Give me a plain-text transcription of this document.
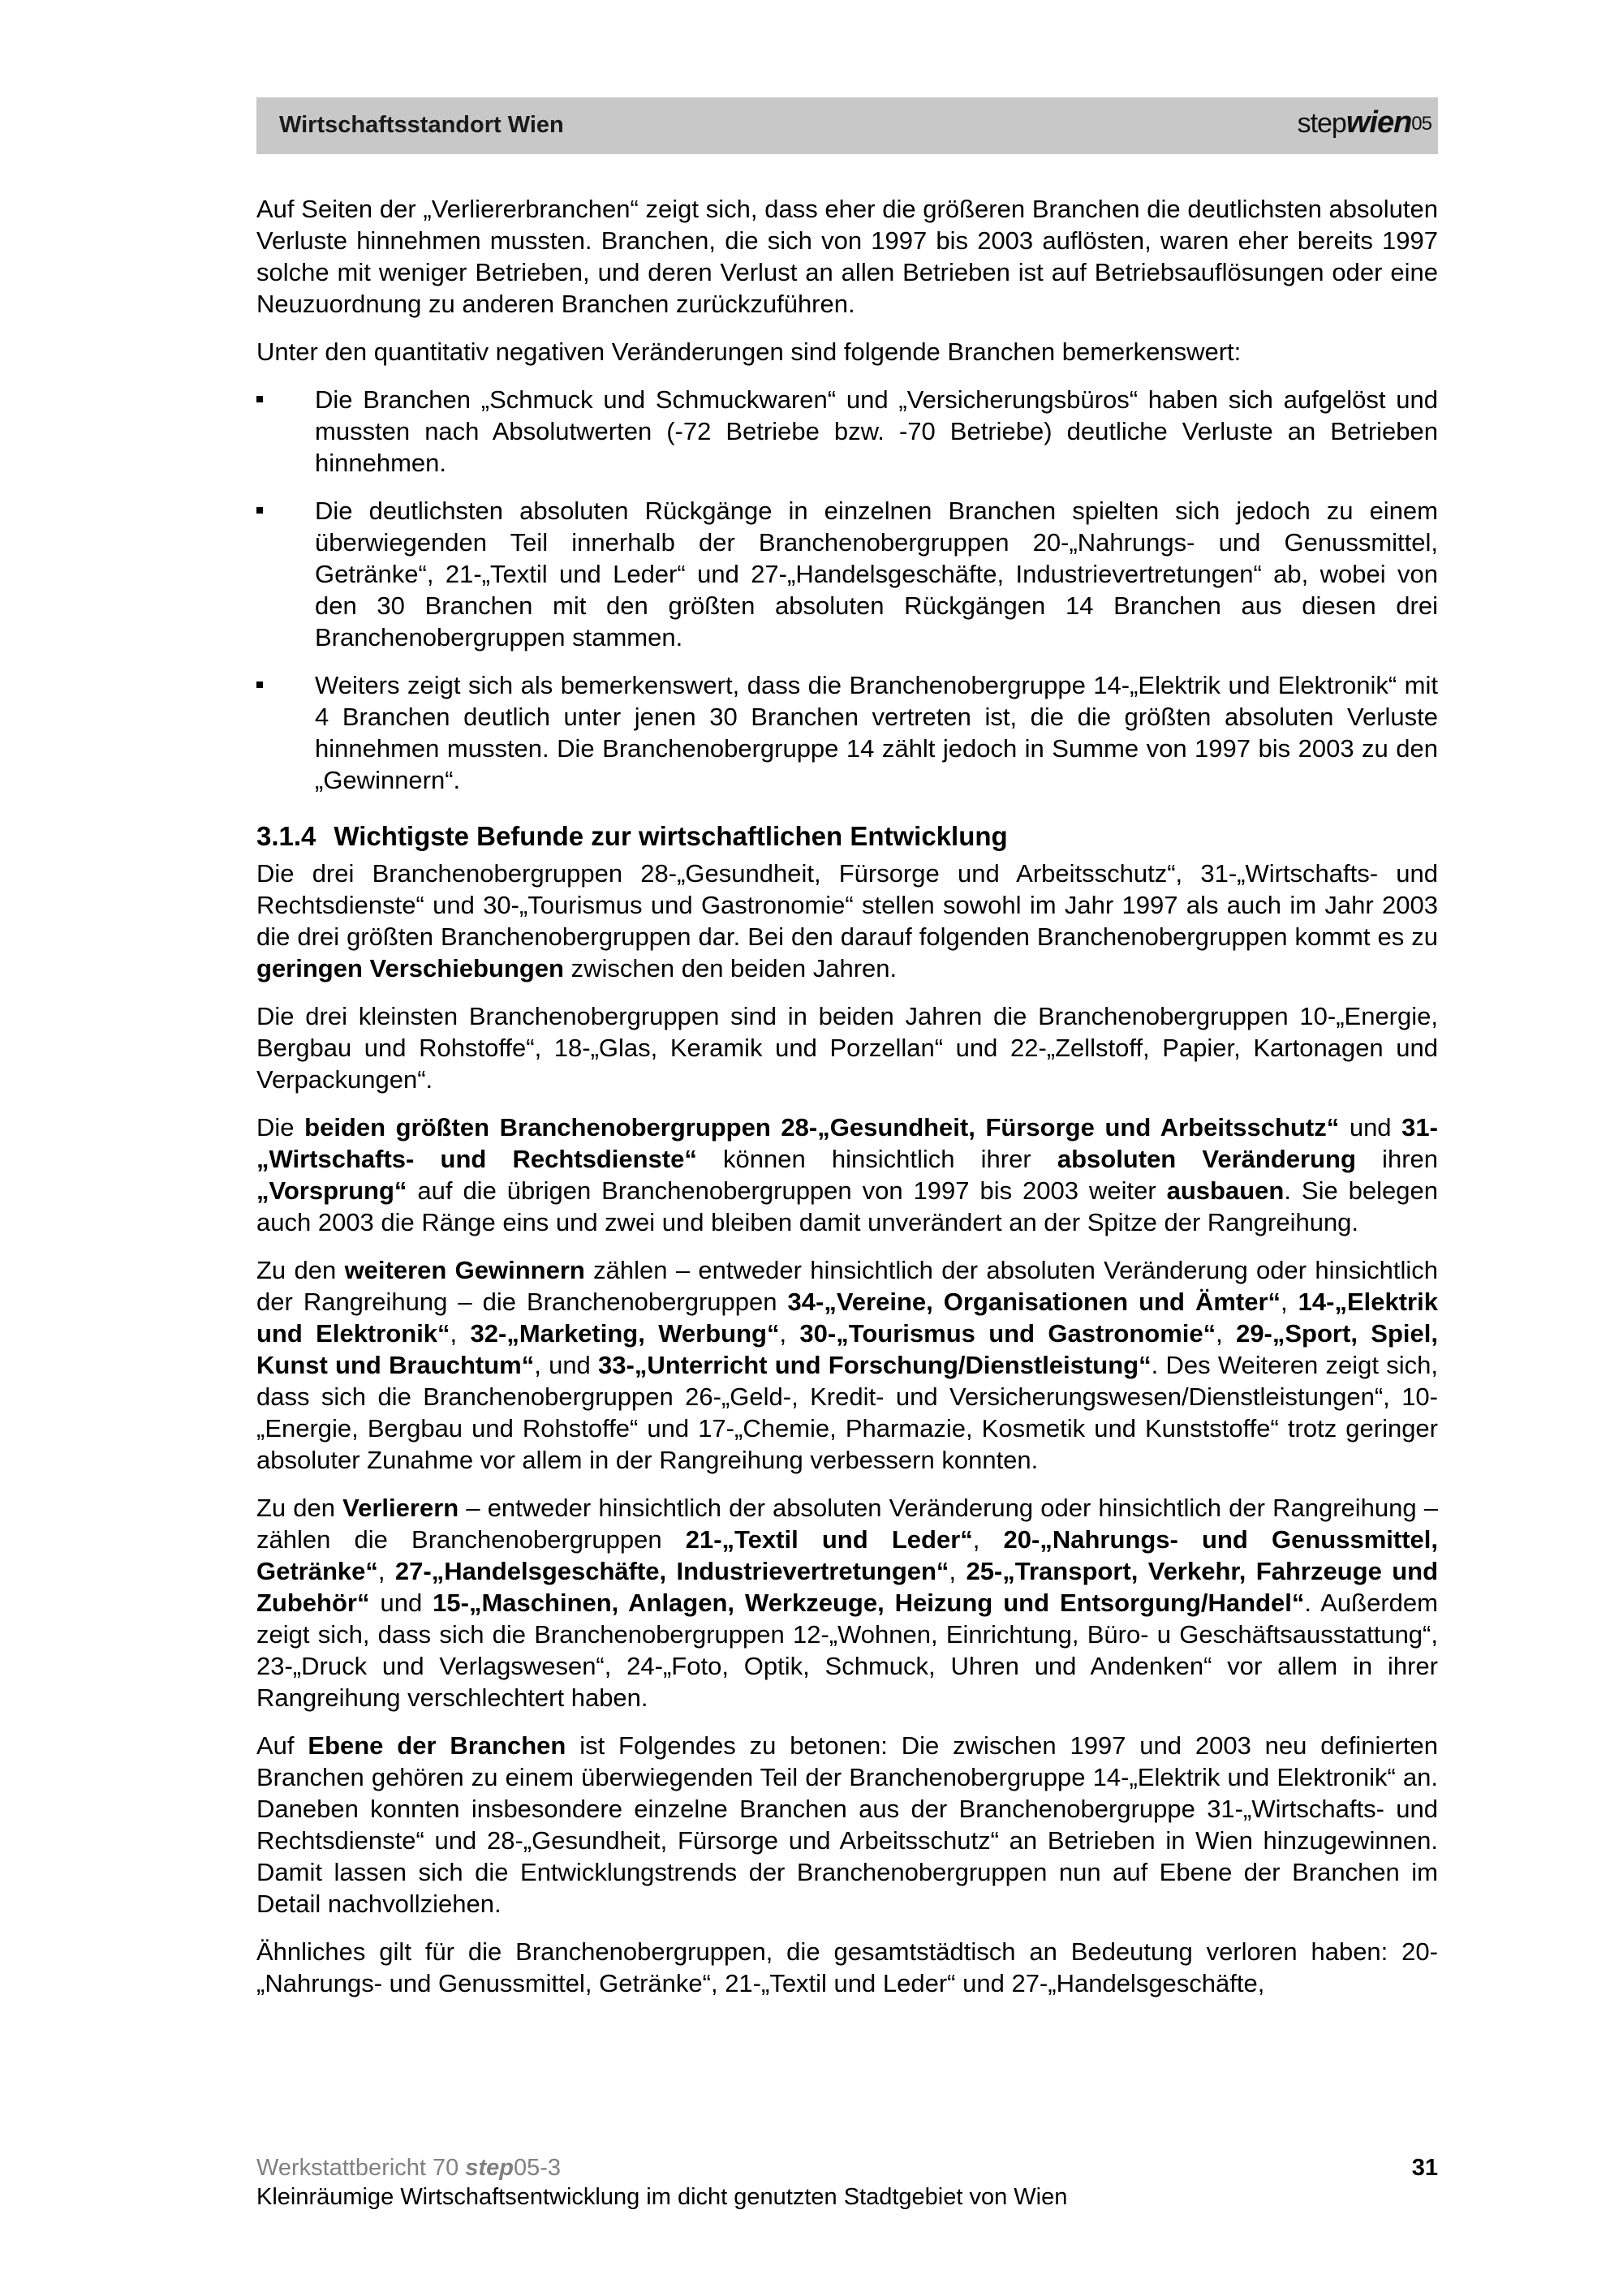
Wirtschaftsstandort Wien	stepwien05

Auf Seiten der „Verliererbranchen“ zeigt sich, dass eher die größeren Branchen die deutlichsten absoluten Verluste hinnehmen mussten. Branchen, die sich von 1997 bis 2003 auflösten, waren eher bereits 1997 solche mit weniger Betrieben, und deren Verlust an allen Betrieben ist auf Betriebsauflösungen oder eine Neuzuordnung zu anderen Branchen zurückzuführen.

Unter den quantitativ negativen Veränderungen sind folgende Branchen bemerkenswert:

Die Branchen „Schmuck und Schmuckwaren“ und „Versicherungsbüros“ haben sich aufgelöst und mussten nach Absolutwerten (-72 Betriebe bzw. -70 Betriebe) deutliche Verluste an Betrieben hinnehmen.
Die deutlichsten absoluten Rückgänge in einzelnen Branchen spielten sich jedoch zu einem überwiegenden Teil innerhalb der Branchenobergruppen 20-„Nahrungs- und Genussmittel, Getränke“, 21-„Textil und Leder“ und 27-„Handelsgeschäfte, Industrievertretungen“ ab, wobei von den 30 Branchen mit den größten absoluten Rückgängen 14 Branchen aus diesen drei Branchenobergruppen stammen.
Weiters zeigt sich als bemerkenswert, dass die Branchenobergruppe 14-„Elektrik und Elektronik“ mit 4 Branchen deutlich unter jenen 30 Branchen vertreten ist, die die größten absoluten Verluste hinnehmen mussten. Die Branchenobergruppe 14 zählt jedoch in Summe von 1997 bis 2003 zu den „Gewinnern“.
3.1.4 Wichtigste Befunde zur wirtschaftlichen Entwicklung

Die drei Branchenobergruppen 28-„Gesundheit, Fürsorge und Arbeitsschutz“, 31-„Wirtschafts- und Rechtsdienste“ und 30-„Tourismus und Gastronomie“ stellen sowohl im Jahr 1997 als auch im Jahr 2003 die drei größten Branchenobergruppen dar. Bei den darauf folgenden Branchenobergruppen kommt es zu geringen Verschiebungen zwischen den beiden Jahren.

Die drei kleinsten Branchenobergruppen sind in beiden Jahren die Branchenobergruppen 10-„Energie, Bergbau und Rohstoffe“, 18-„Glas, Keramik und Porzellan“ und 22-„Zellstoff, Papier, Kartonagen und Verpackungen“.

Die beiden größten Branchenobergruppen 28-„Gesundheit, Fürsorge und Arbeitsschutz“ und 31-„Wirtschafts- und Rechtsdienste“ können hinsichtlich ihrer absoluten Veränderung ihren „Vorsprung“ auf die übrigen Branchenobergruppen von 1997 bis 2003 weiter ausbauen. Sie belegen auch 2003 die Ränge eins und zwei und bleiben damit unverändert an der Spitze der Rangreihung.

Zu den weiteren Gewinnern zählen – entweder hinsichtlich der absoluten Veränderung oder hinsichtlich der Rangreihung – die Branchenobergruppen 34-„Vereine, Organisationen und Ämter“, 14-„Elektrik und Elektronik“, 32-„Marketing, Werbung“, 30-„Tourismus und Gastronomie“, 29-„Sport, Spiel, Kunst und Brauchtum“, und 33-„Unterricht und Forschung/Dienstleistung“. Des Weiteren zeigt sich, dass sich die Branchenobergruppen 26-„Geld-, Kredit- und Versicherungswesen/Dienstleistungen“, 10-„Energie, Bergbau und Rohstoffe“ und 17-„Chemie, Pharmazie, Kosmetik und Kunststoffe“ trotz geringer absoluter Zunahme vor allem in der Rangreihung verbessern konnten.

Zu den Verlierern – entweder hinsichtlich der absoluten Veränderung oder hinsichtlich der Rangreihung – zählen die Branchenobergruppen 21-„Textil und Leder“, 20-„Nahrungs- und Genussmittel, Getränke“, 27-„Handelsgeschäfte, Industrievertretungen“, 25-„Transport, Verkehr, Fahrzeuge und Zubehör“ und 15-„Maschinen, Anlagen, Werkzeuge, Heizung und Entsorgung/Handel“. Außerdem zeigt sich, dass sich die Branchenobergruppen 12-„Wohnen, Einrichtung, Büro- u Geschäftsausstattung“, 23-„Druck und Verlagswesen“, 24-„Foto, Optik, Schmuck, Uhren und Andenken“ vor allem in ihrer Rangreihung verschlechtert haben.

Auf Ebene der Branchen ist Folgendes zu betonen: Die zwischen 1997 und 2003 neu definierten Branchen gehören zu einem überwiegenden Teil der Branchenobergruppe 14-„Elektrik und Elektronik“ an. Daneben konnten insbesondere einzelne Branchen aus der Branchenobergruppe 31-„Wirtschafts- und Rechtsdienste“ und 28-„Gesundheit, Fürsorge und Arbeitsschutz“ an Betrieben in Wien hinzugewinnen. Damit lassen sich die Entwicklungstrends der Branchenobergruppen nun auf Ebene der Branchen im Detail nachvollziehen.

Ähnliches gilt für die Branchenobergruppen, die gesamtstädtisch an Bedeutung verloren haben: 20-„Nahrungs- und Genussmittel, Getränke“, 21-„Textil und Leder“ und 27-„Handelsgeschäfte,

Werkstattbericht 70 step05-3	31
Kleinräumige Wirtschaftsentwicklung im dicht genutzten Stadtgebiet von Wien
